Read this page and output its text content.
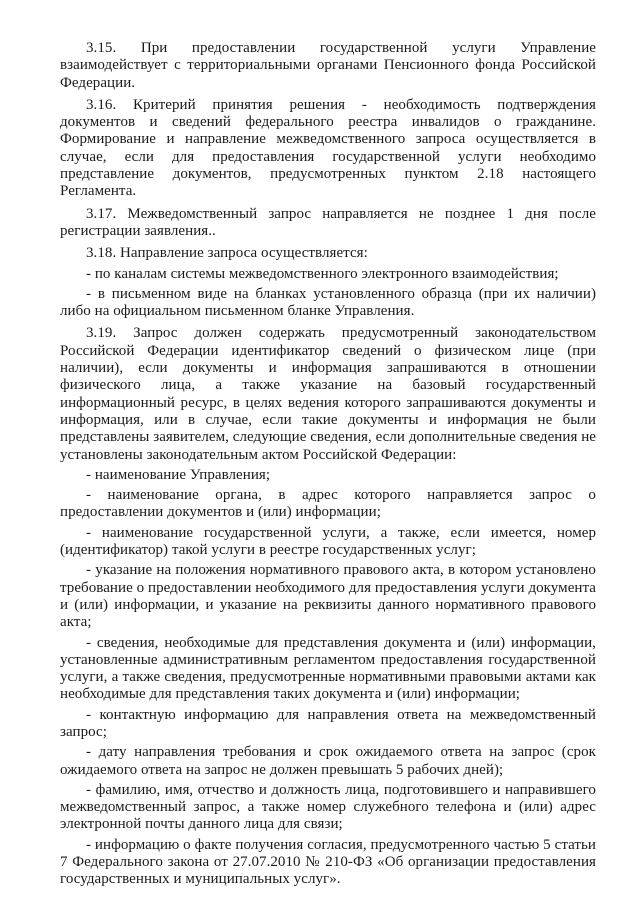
3.15. При предоставлении государственной услуги Управление взаимодействует с территориальными органами Пенсионного фонда Российской Федерации.

3.16. Критерий принятия решения - необходимость подтверждения документов и сведений федерального реестра инвалидов о гражданине. Формирование и направление межведомственного запроса осуществляется в случае, если для предоставления государственной услуги необходимо представление документов, предусмотренных пунктом 2.18 настоящего Регламента.

3.17. Межведомственный запрос направляется не позднее 1 дня после регистрации заявления..

3.18. Направление запроса осуществляется:

- по каналам системы межведомственного электронного взаимодействия;

- в письменном виде на бланках установленного образца (при их наличии) либо на официальном письменном бланке Управления.

3.19. Запрос должен содержать предусмотренный законодательством Российской Федерации идентификатор сведений о физическом лице (при наличии), если документы и информация запрашиваются в отношении физического лица, а также указание на базовый государственный информационный ресурс, в целях ведения которого запрашиваются документы и информация, или в случае, если такие документы и информация не были представлены заявителем, следующие сведения, если дополнительные сведения не установлены законодательным актом Российской Федерации:

- наименование Управления;

- наименование органа, в адрес которого направляется запрос о предоставлении документов и (или) информации;

- наименование государственной услуги, а также, если имеется, номер (идентификатор) такой услуги в реестре государственных услуг;

- указание на положения нормативного правового акта, в котором установлено требование о предоставлении необходимого для предоставления услуги документа и (или) информации, и указание на реквизиты данного нормативного правового акта;

- сведения, необходимые для представления документа и (или) информации, установленные административным регламентом предоставления государственной услуги, а также сведения, предусмотренные нормативными правовыми актами как необходимые для представления таких документа и (или) информации;

- контактную информацию для направления ответа на межведомственный запрос;

- дату направления требования и срок ожидаемого ответа на запрос (срок ожидаемого ответа на запрос не должен превышать 5 рабочих дней);

- фамилию, имя, отчество и должность лица, подготовившего и направившего межведомственный запрос, а также номер служебного телефона и (или) адрес электронной почты данного лица для связи;

- информацию о факте получения согласия, предусмотренного частью 5 статьи 7 Федерального закона от 27.07.2010 № 210-ФЗ «Об организации предоставления государственных и муниципальных услуг».
